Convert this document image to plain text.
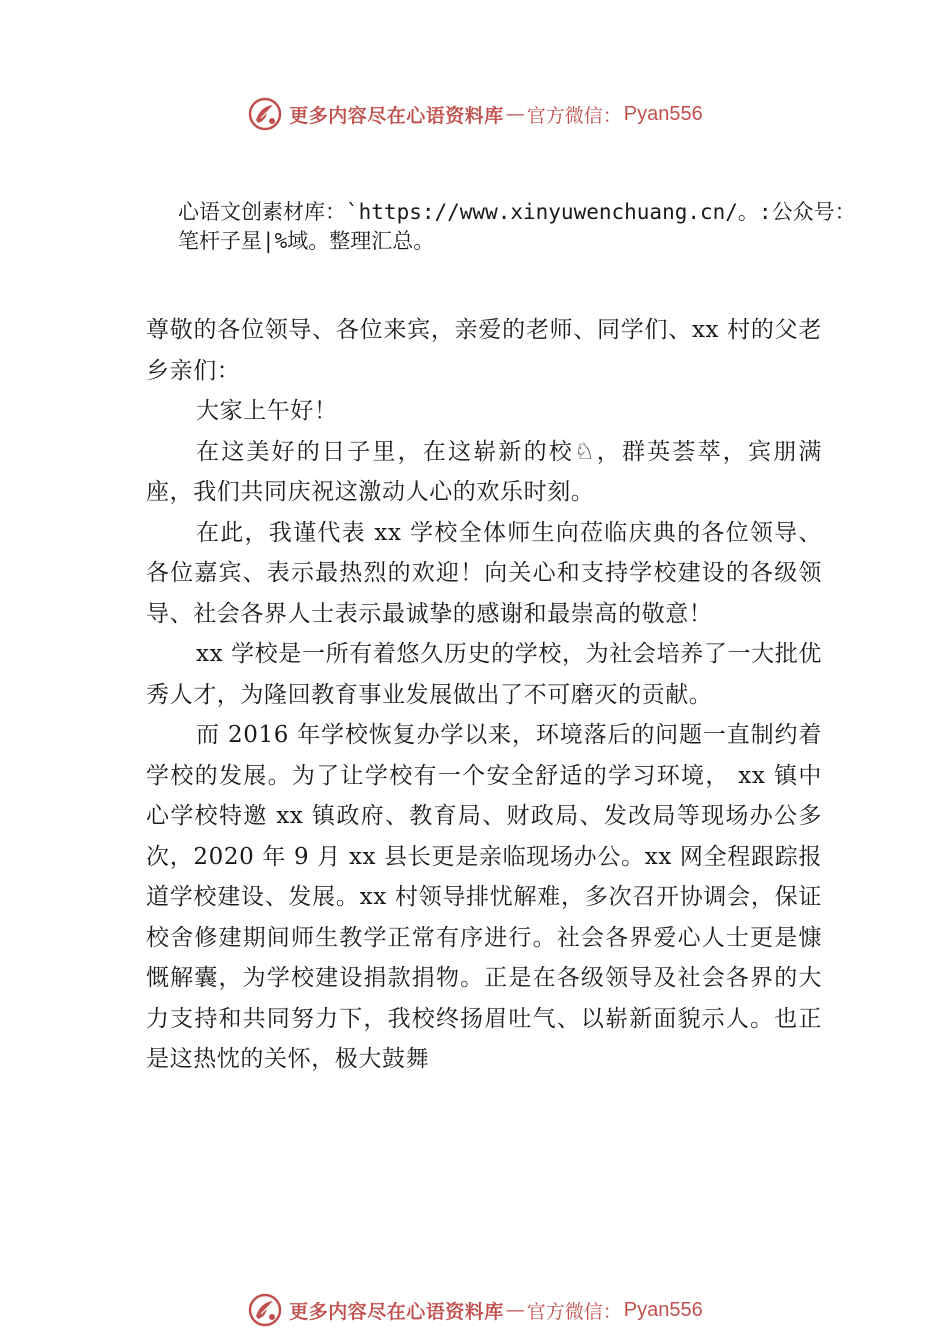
更多内容尽在心语资料库 — 官方微信： Pyan556

心语文创素材库：`https://www.xinyuwenchuang.cn/。:公众号：笔杆子星|%域。整理汇总。

尊敬的各位领导、各位来宾，亲爱的老师、同学们、xx 村的父老乡亲们：

大家上午好！

在这美好的日子里，在这崭新的校♘，群英荟萃，宾朋满座，我们共同庆祝这激动人心的欢乐时刻。

在此，我谨代表 xx 学校全体师生向莅临庆典的各位领导、各位嘉宾、表示最热烈的欢迎！向关心和支持学校建设的各级领导、社会各界人士表示最诚挚的感谢和最崇高的敬意！

xx 学校是一所有着悠久历史的学校，为社会培养了一大批优秀人才，为隆回教育事业发展做出了不可磨灭的贡献。

而 2016 年学校恢复办学以来，环境落后的问题一直制约着学校的发展。为了让学校有一个安全舒适的学习环境， xx 镇中心学校特邀 xx 镇政府、教育局、财政局、发改局等现场办公多次，2020 年 9 月 xx 县长更是亲临现场办公。xx 网全程跟踪报道学校建设、发展。xx 村领导排忧解难，多次召开协调会，保证校舍修建期间师生教学正常有序进行。社会各界爱心人士更是慷慨解囊，为学校建设捐款捐物。正是在各级领导及社会各界的大力支持和共同努力下，我校终扬眉吐气、以崭新面貌示人。也正是这热忱的关怀，极大鼓舞

更多内容尽在心语资料库 — 官方微信： Pyan556
